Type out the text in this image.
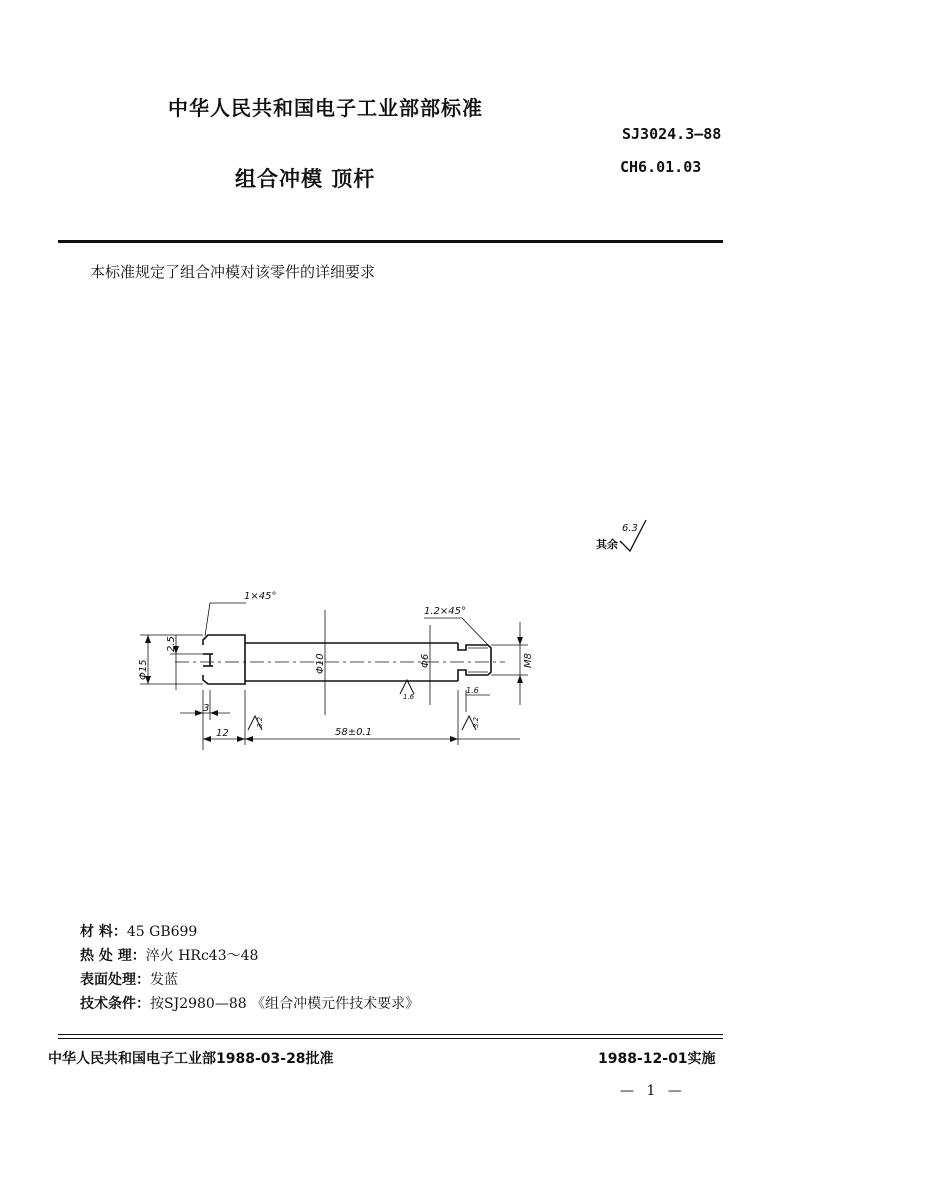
中华人民共和国电子工业部部标准
SJ3024.3—88
CH6.01.03
组合冲模 顶杆
本标准规定了组合冲模对该零件的详细要求
其余
6.3
1×45°
1.2×45°
Φ15
2.5
Φ10	Φ6	M8
3
12	58±0.1
1.6
1.6
3.2	3.2
材 料：45 GB699
热 处 理：淬火 HRc43～48
表面处理：发蓝
技术条件：按SJ2980—88 《组合冲模元件技术要求》
中华人民共和国电子工业部1988-03-28批准	1988-12-01实施
— 1 —
